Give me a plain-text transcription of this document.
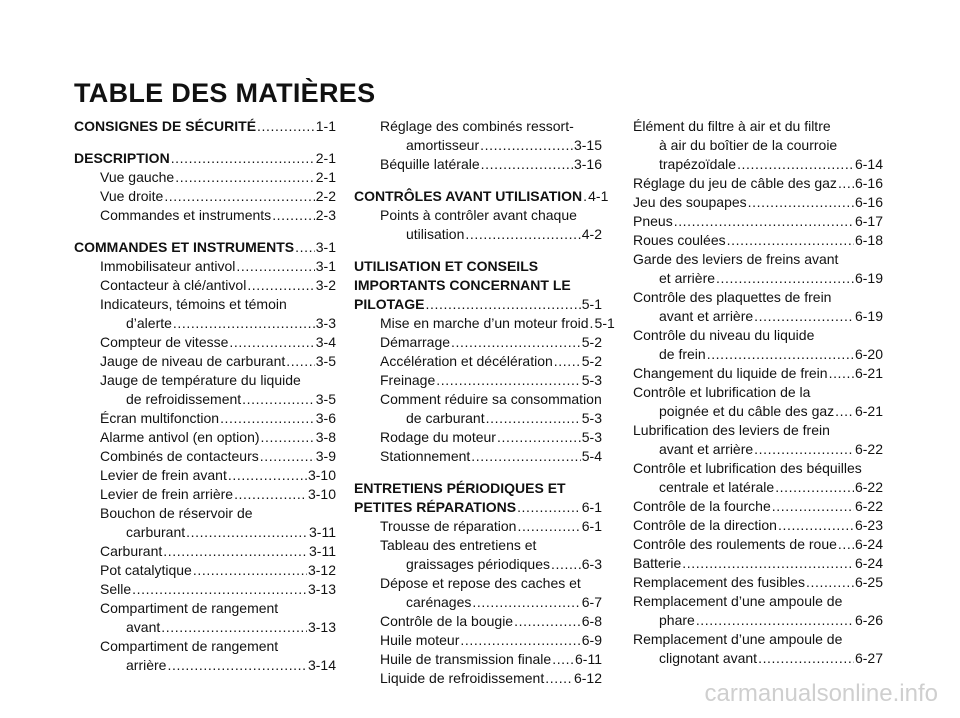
TABLE DES MATIÈRES
CONSIGNES DE SÉCURITÉ .....	1-1
DESCRIPTION .....	2-1
Vue gauche .....	2-1
Vue droite .....	2-2
Commandes et instruments .....	2-3
COMMANDES ET INSTRUMENTS ..... 3-1
Immobilisateur antivol .....	3-1
Contacteur à clé/antivol .....	3-2
Indicateurs, témoins et témoin
d’alerte .....	3-3
Compteur de vitesse .....	3-4
Jauge de niveau de carburant ..... 3-5
Jauge de température du liquide
de refroidissement .....	3-5
Écran multifonction .....	3-6
Alarme antivol (en option) .....	3-8
Combinés de contacteurs .....	3-9
Levier de frein avant .....	3-10
Levier de frein arrière .....	3-10
Bouchon de réservoir de
carburant .....	3-11
Carburant .....	3-11
Pot catalytique .....	3-12
Selle .....	3-13
Compartiment de rangement
avant .....	3-13
Compartiment de rangement
arrière .....	3-14
Réglage des combinés ressort-
amortisseur .....	3-15
Béquille latérale .....	3-16
CONTRÔLES AVANT UTILISATION ..... 4-1
Points à contrôler avant chaque
utilisation .....	4-2
UTILISATION ET CONSEILS
IMPORTANTS CONCERNANT LE
PILOTAGE .....	5-1
Mise en marche d’un moteur froid ..... 5-1
Démarrage .....	5-2
Accélération et décélération ..... 5-2
Freinage .....	5-3
Comment réduire sa consommation
de carburant .....	5-3
Rodage du moteur .....	5-3
Stationnement .....	5-4
ENTRETIENS PÉRIODIQUES ET
PETITES RÉPARATIONS .....	6-1
Trousse de réparation .....	6-1
Tableau des entretiens et
graissages périodiques ..... 6-3
Dépose et repose des caches et
carénages .....	6-7
Contrôle de la bougie .....	6-8
Huile moteur .....	6-9
Huile de transmission finale ..... 6-11
Liquide de refroidissement ..... 6-12
Élément du filtre à air et du filtre
à air du boîtier de la courroie
trapézoïdale .....	6-14
Réglage du jeu de câble des gaz ..... 6-16
Jeu des soupapes .....	6-16
Pneus .....	6-17
Roues coulées .....	6-18
Garde des leviers de freins avant
et arrière .....	6-19
Contrôle des plaquettes de frein
avant et arrière .....	6-19
Contrôle du niveau du liquide
de frein .....	6-20
Changement du liquide de frein ..... 6-21
Contrôle et lubrification de la
poignée et du câble des gaz ..... 6-21
Lubrification des leviers de frein
avant et arrière .....	6-22
Contrôle et lubrification des béquilles
centrale et latérale .....	6-22
Contrôle de la fourche .....	6-22
Contrôle de la direction .....	6-23
Contrôle des roulements de roue ..... 6-24
Batterie .....	6-24
Remplacement des fusibles .....	6-25
Remplacement d’une ampoule de
phare .....	6-26
Remplacement d’une ampoule de
clignotant avant .....	6-27
carmanualsonline.info
